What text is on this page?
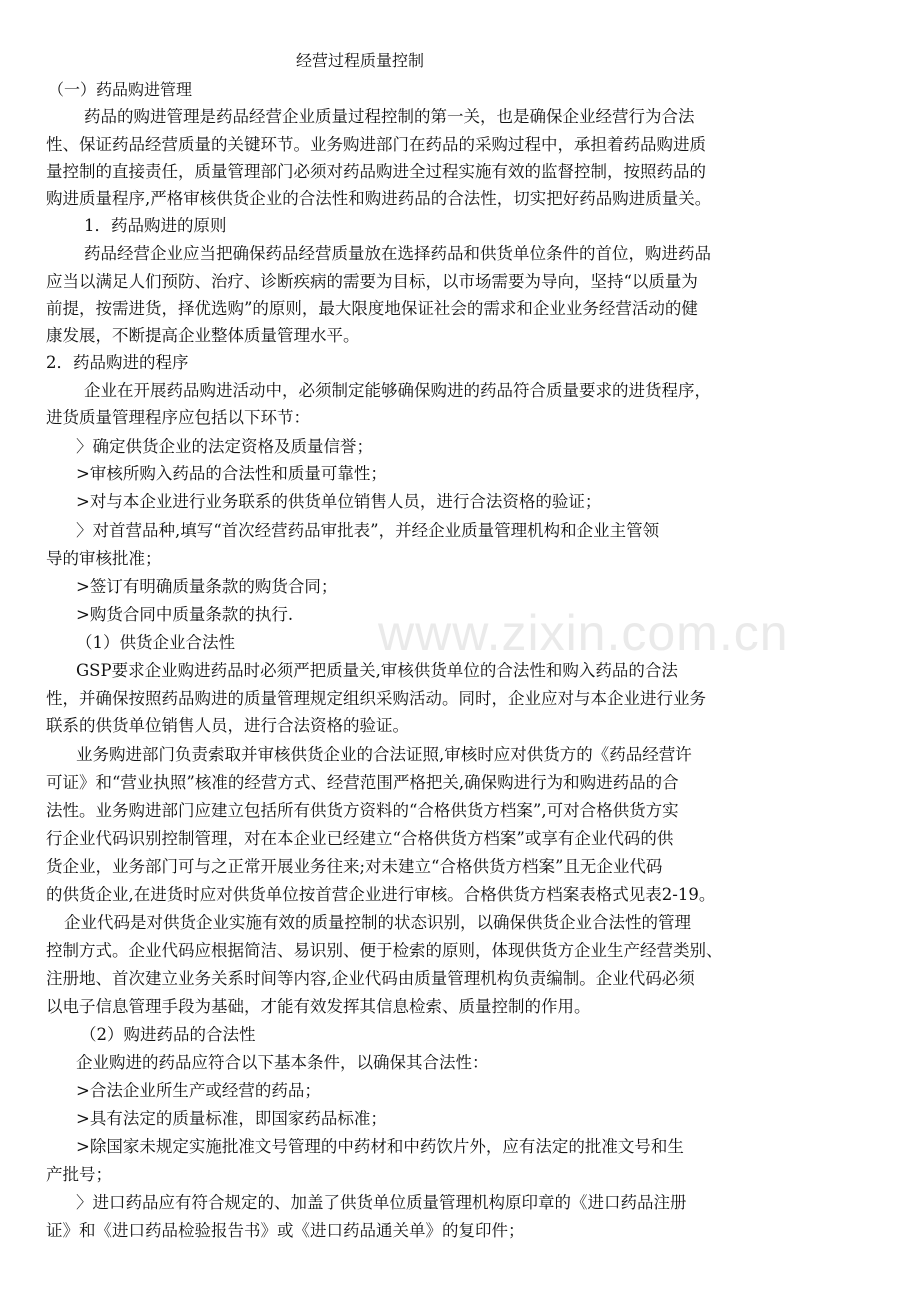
经营过程质量控制
（一）药品购进管理
药品的购进管理是药品经营企业质量过程控制的第一关，也是确保企业经营行为合法
性、保证药品经营质量的关键环节。业务购进部门在药品的采购过程中，承担着药品购进质
量控制的直接责任，质量管理部门必须对药品购进全过程实施有效的监督控制，按照药品的
购进质量程序,严格审核供货企业的合法性和购进药品的合法性，切实把好药品购进质量关。
1．药品购进的原则
药品经营企业应当把确保药品经营质量放在选择药品和供货单位条件的首位，购进药品
应当以满足人们预防、治疗、诊断疾病的需要为目标，以市场需要为导向，坚持“以质量为
前提，按需进货，择优选购”的原则，最大限度地保证社会的需求和企业业务经营活动的健
康发展，不断提高企业整体质量管理水平。
2．药品购进的程序
企业在开展药品购进活动中，必须制定能够确保购进的药品符合质量要求的进货程序，
进货质量管理程序应包括以下环节：
〉确定供货企业的法定资格及质量信誉；
>审核所购入药品的合法性和质量可靠性；
>对与本企业进行业务联系的供货单位销售人员，进行合法资格的验证；
〉对首营品种,填写“首次经营药品审批表”，并经企业质量管理机构和企业主管领
导的审核批准；
>签订有明确质量条款的购货合同；
>购货合同中质量条款的执行.
（1）供货企业合法性
GSP要求企业购进药品时必须严把质量关,审核供货单位的合法性和购入药品的合法
性，并确保按照药品购进的质量管理规定组织采购活动。同时，企业应对与本企业进行业务
联系的供货单位销售人员，进行合法资格的验证。
业务购进部门负责索取并审核供货企业的合法证照,审核时应对供货方的《药品经营许
可证》和“营业执照”核准的经营方式、经营范围严格把关,确保购进行为和购进药品的合
法性。业务购进部门应建立包括所有供货方资料的“合格供货方档案”,可对合格供货方实
行企业代码识别控制管理，对在本企业已经建立“合格供货方档案”或享有企业代码的供
货企业，业务部门可与之正常开展业务往来;对未建立“合格供货方档案”且无企业代码
的供货企业,在进货时应对供货单位按首营企业进行审核。合格供货方档案表格式见表2-19。
企业代码是对供货企业实施有效的质量控制的状态识别，以确保供货企业合法性的管理
控制方式。企业代码应根据简洁、易识别、便于检索的原则，体现供货方企业生产经营类别、
注册地、首次建立业务关系时间等内容,企业代码由质量管理机构负责编制。企业代码必须
以电子信息管理手段为基础，才能有效发挥其信息检索、质量控制的作用。
（2）购进药品的合法性
企业购进的药品应符合以下基本条件，以确保其合法性：
>合法企业所生产或经营的药品；
>具有法定的质量标准，即国家药品标准；
>除国家未规定实施批准文号管理的中药材和中药饮片外，应有法定的批准文号和生
产批号；
〉进口药品应有符合规定的、加盖了供货单位质量管理机构原印章的《进口药品注册
证》和《进口药品检验报告书》或《进口药品通关单》的复印件；
www.zixin.com.cn
